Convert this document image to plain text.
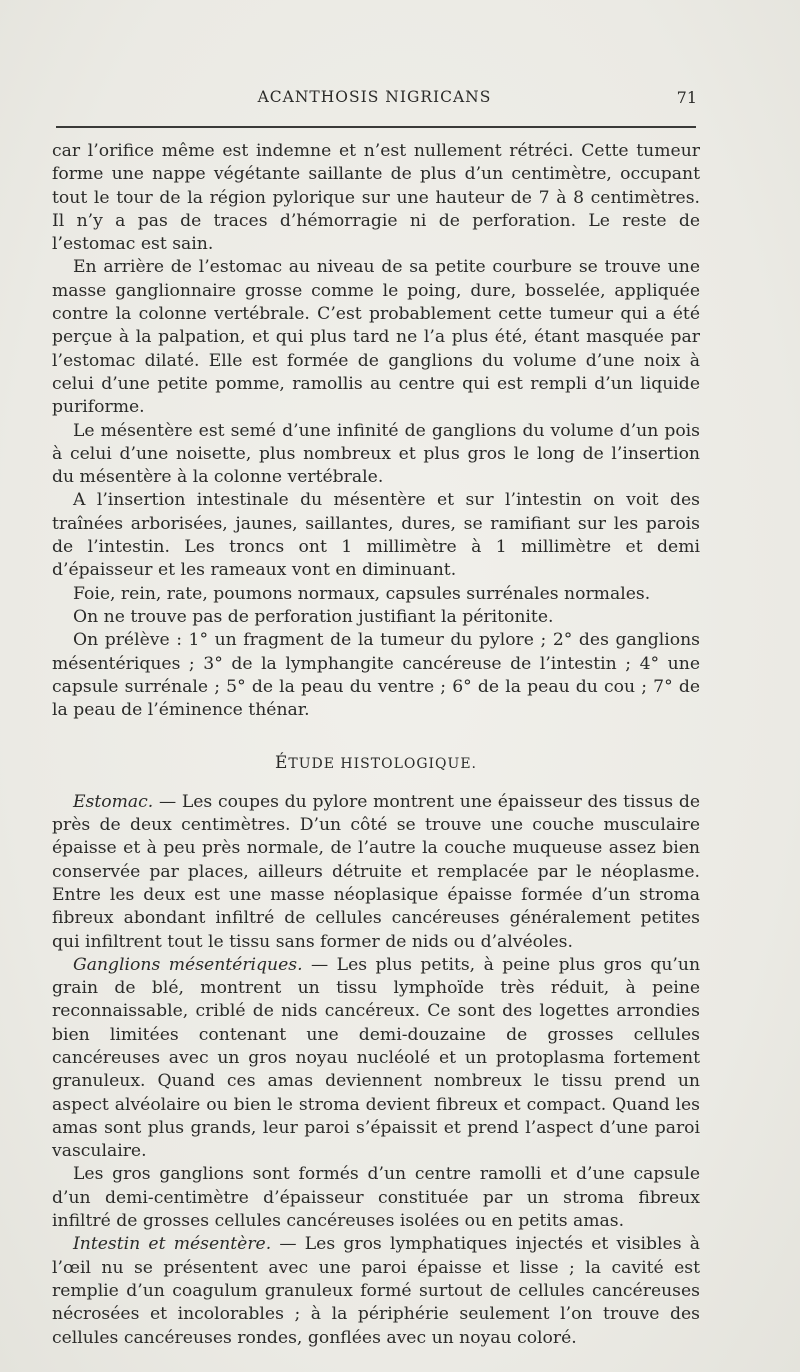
ACANTHOSIS NIGRICANS	71

car l’orifice même est indemne et n’est nullement rétréci. Cette tumeur forme une nappe végétante saillante de plus d’un centimètre, occupant tout le tour de la région pylorique sur une hauteur de 7 à 8 centimètres. Il n’y a pas de traces d’hémorragie ni de perforation. Le reste de l’estomac est sain.

En arrière de l’estomac au niveau de sa petite courbure se trouve une masse ganglionnaire grosse comme le poing, dure, bosselée, appliquée contre la colonne vertébrale. C’est probablement cette tumeur qui a été perçue à la palpation, et qui plus tard ne l’a plus été, étant masquée par l’estomac dilaté. Elle est formée de ganglions du volume d’une noix à celui d’une petite pomme, ramollis au centre qui est rempli d’un liquide puriforme.

Le mésentère est semé d’une infinité de ganglions du volume d’un pois à celui d’une noisette, plus nombreux et plus gros le long de l’insertion du mésentère à la colonne vertébrale.

A l’insertion intestinale du mésentère et sur l’intestin on voit des traînées arborisées, jaunes, saillantes, dures, se ramifiant sur les parois de l’intestin. Les troncs ont 1 millimètre à 1 millimètre et demi d’épaisseur et les rameaux vont en diminuant.

Foie, rein, rate, poumons normaux, capsules surrénales normales.

On ne trouve pas de perforation justifiant la péritonite.

On prélève : 1° un fragment de la tumeur du pylore ; 2° des ganglions mésentériques ; 3° de la lymphangite cancéreuse de l’intestin ; 4° une capsule surrénale ; 5° de la peau du ventre ; 6° de la peau du cou ; 7° de la peau de l’éminence thénar.

ÉTUDE HISTOLOGIQUE.

Estomac. — Les coupes du pylore montrent une épaisseur des tissus de près de deux centimètres. D’un côté se trouve une couche musculaire épaisse et à peu près normale, de l’autre la couche muqueuse assez bien conservée par places, ailleurs détruite et remplacée par le néoplasme. Entre les deux est une masse néoplasique épaisse formée d’un stroma fibreux abondant infiltré de cellules cancéreuses généralement petites qui infiltrent tout le tissu sans former de nids ou d’alvéoles.

Ganglions mésentériques. — Les plus petits, à peine plus gros qu’un grain de blé, montrent un tissu lymphoïde très réduit, à peine reconnaissable, criblé de nids cancéreux. Ce sont des logettes arrondies bien limitées contenant une demi-douzaine de grosses cellules cancéreuses avec un gros noyau nucléolé et un protoplasma fortement granuleux. Quand ces amas deviennent nombreux le tissu prend un aspect alvéolaire ou bien le stroma devient fibreux et compact. Quand les amas sont plus grands, leur paroi s’épaissit et prend l’aspect d’une paroi vasculaire.

Les gros ganglions sont formés d’un centre ramolli et d’une capsule d’un demi-centimètre d’épaisseur constituée par un stroma fibreux infiltré de grosses cellules cancéreuses isolées ou en petits amas.

Intestin et mésentère. — Les gros lymphatiques injectés et visibles à l’œil nu se présentent avec une paroi épaisse et lisse ; la cavité est remplie d’un coagulum granuleux formé surtout de cellules cancéreuses nécrosées et incolorables ; à la périphérie seulement l’on trouve des cellules cancéreuses rondes, gonflées avec un noyau coloré.
